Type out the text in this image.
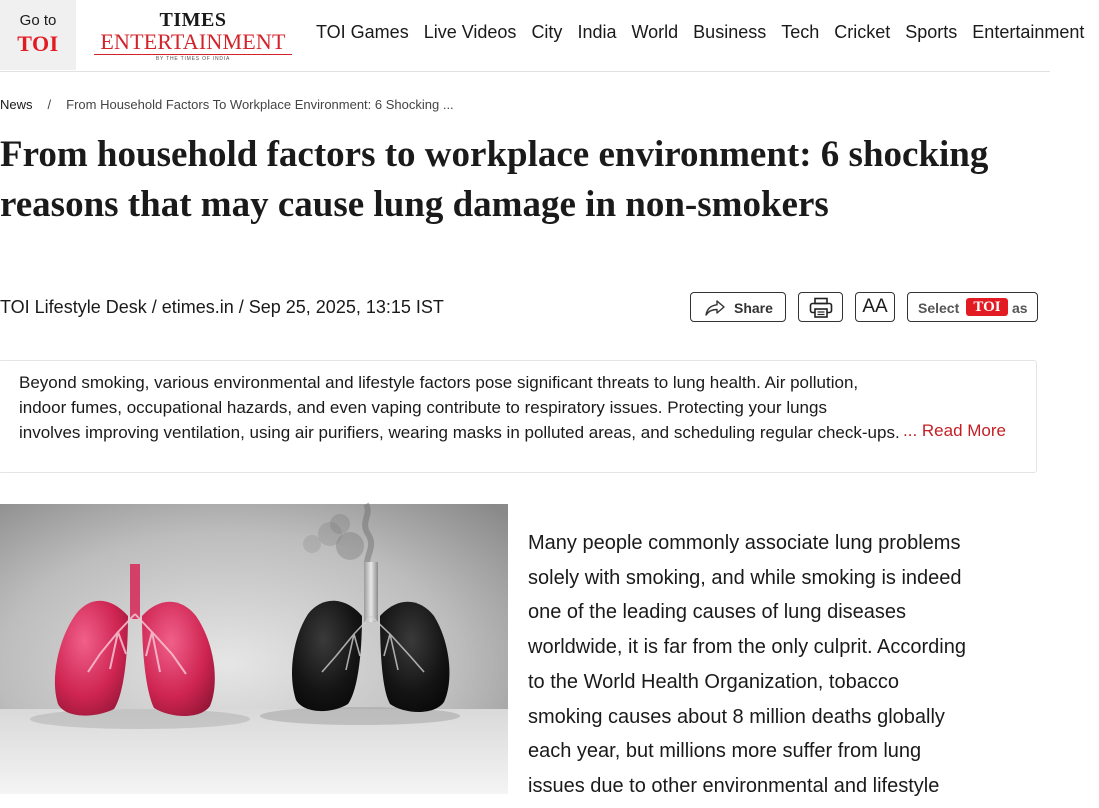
Go to
TOI
TIMES
ENTERTAINMENT
BY THE TIMES OF INDIA
TOI Games Live Videos City India World Business Tech Cricket Sports Entertainment
News / From Household Factors To Workplace Environment: 6 Shocking ...
From household factors to workplace environment: 6 shocking reasons that may cause lung damage in non-smokers
TOI Lifestyle Desk / etimes.in / Sep 25, 2025, 13:15 IST	Share	AA	Select TOI as
Beyond smoking, various environmental and lifestyle factors pose significant threats to lung health. Air pollution,
indoor fumes, occupational hazards, and even vaping contribute to respiratory issues. Protecting your lungs
involves improving ventilation, using air purifiers, wearing masks in polluted areas, and scheduling regular check-ups. ... Read More
Many people commonly associate lung problems
solely with smoking, and while smoking is indeed
one of the leading causes of lung diseases
worldwide, it is far from the only culprit. According
to the World Health Organization, tobacco
smoking causes about 8 million deaths globally
each year, but millions more suffer from lung
issues due to other environmental and lifestyle
